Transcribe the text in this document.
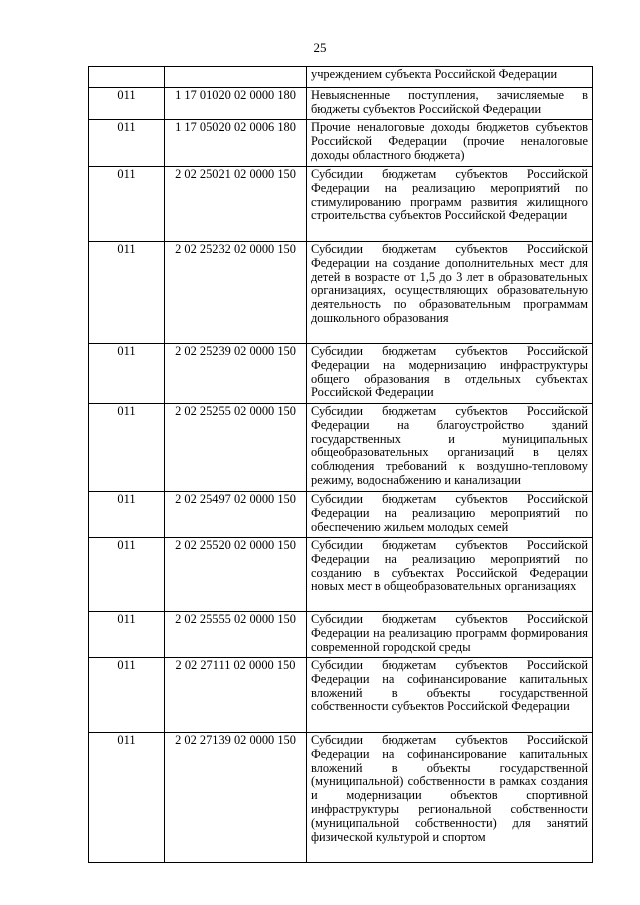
25
		учреждением субъекта Российской Федерации
011	1 17 01020 02 0000 180	Невыясненные поступления, зачисляемые в бюджеты субъектов Российской Федерации
011	1 17 05020 02 0006 180	Прочие неналоговые доходы бюджетов субъектов Российской Федерации (прочие неналоговые доходы областного бюджета)
011	2 02 25021 02 0000 150	Субсидии бюджетам субъектов Российской Федерации на реализацию мероприятий по стимулированию программ развития жилищного строительства субъектов Российской Федерации
011	2 02 25232 02 0000 150	Субсидии бюджетам субъектов Российской Федерации на создание дополнительных мест для детей в возрасте от 1,5 до 3 лет в образовательных организациях, осуществляющих образовательную деятельность по образовательным программам дошкольного образования
011	2 02 25239 02 0000 150	Субсидии бюджетам субъектов Российской Федерации на модернизацию инфраструктуры общего образования в отдельных субъектах Российской Федерации
011	2 02 25255 02 0000 150	Субсидии бюджетам субъектов Российской Федерации на благоустройство зданий государственных и муниципальных общеобразовательных организаций в целях соблюдения требований к воздушно-тепловому режиму, водоснабжению и канализации
011	2 02 25497 02 0000 150	Субсидии бюджетам субъектов Российской Федерации на реализацию мероприятий по обеспечению жильем молодых семей
011	2 02 25520 02 0000 150	Субсидии бюджетам субъектов Российской Федерации на реализацию мероприятий по созданию в субъектах Российской Федерации новых мест в общеобразовательных организациях
011	2 02 25555 02 0000 150	Субсидии бюджетам субъектов Российской Федерации на реализацию программ формирования современной городской среды
011	2 02 27111 02 0000 150	Субсидии бюджетам субъектов Российской Федерации на софинансирование капитальных вложений в объекты государственной собственности субъектов Российской Федерации
011	2 02 27139 02 0000 150	Субсидии бюджетам субъектов Российской Федерации на софинансирование капитальных вложений в объекты государственной (муниципальной) собственности в рамках создания и модернизации объектов спортивной инфраструктуры региональной собственности (муниципальной собственности) для занятий физической культурой и спортом
